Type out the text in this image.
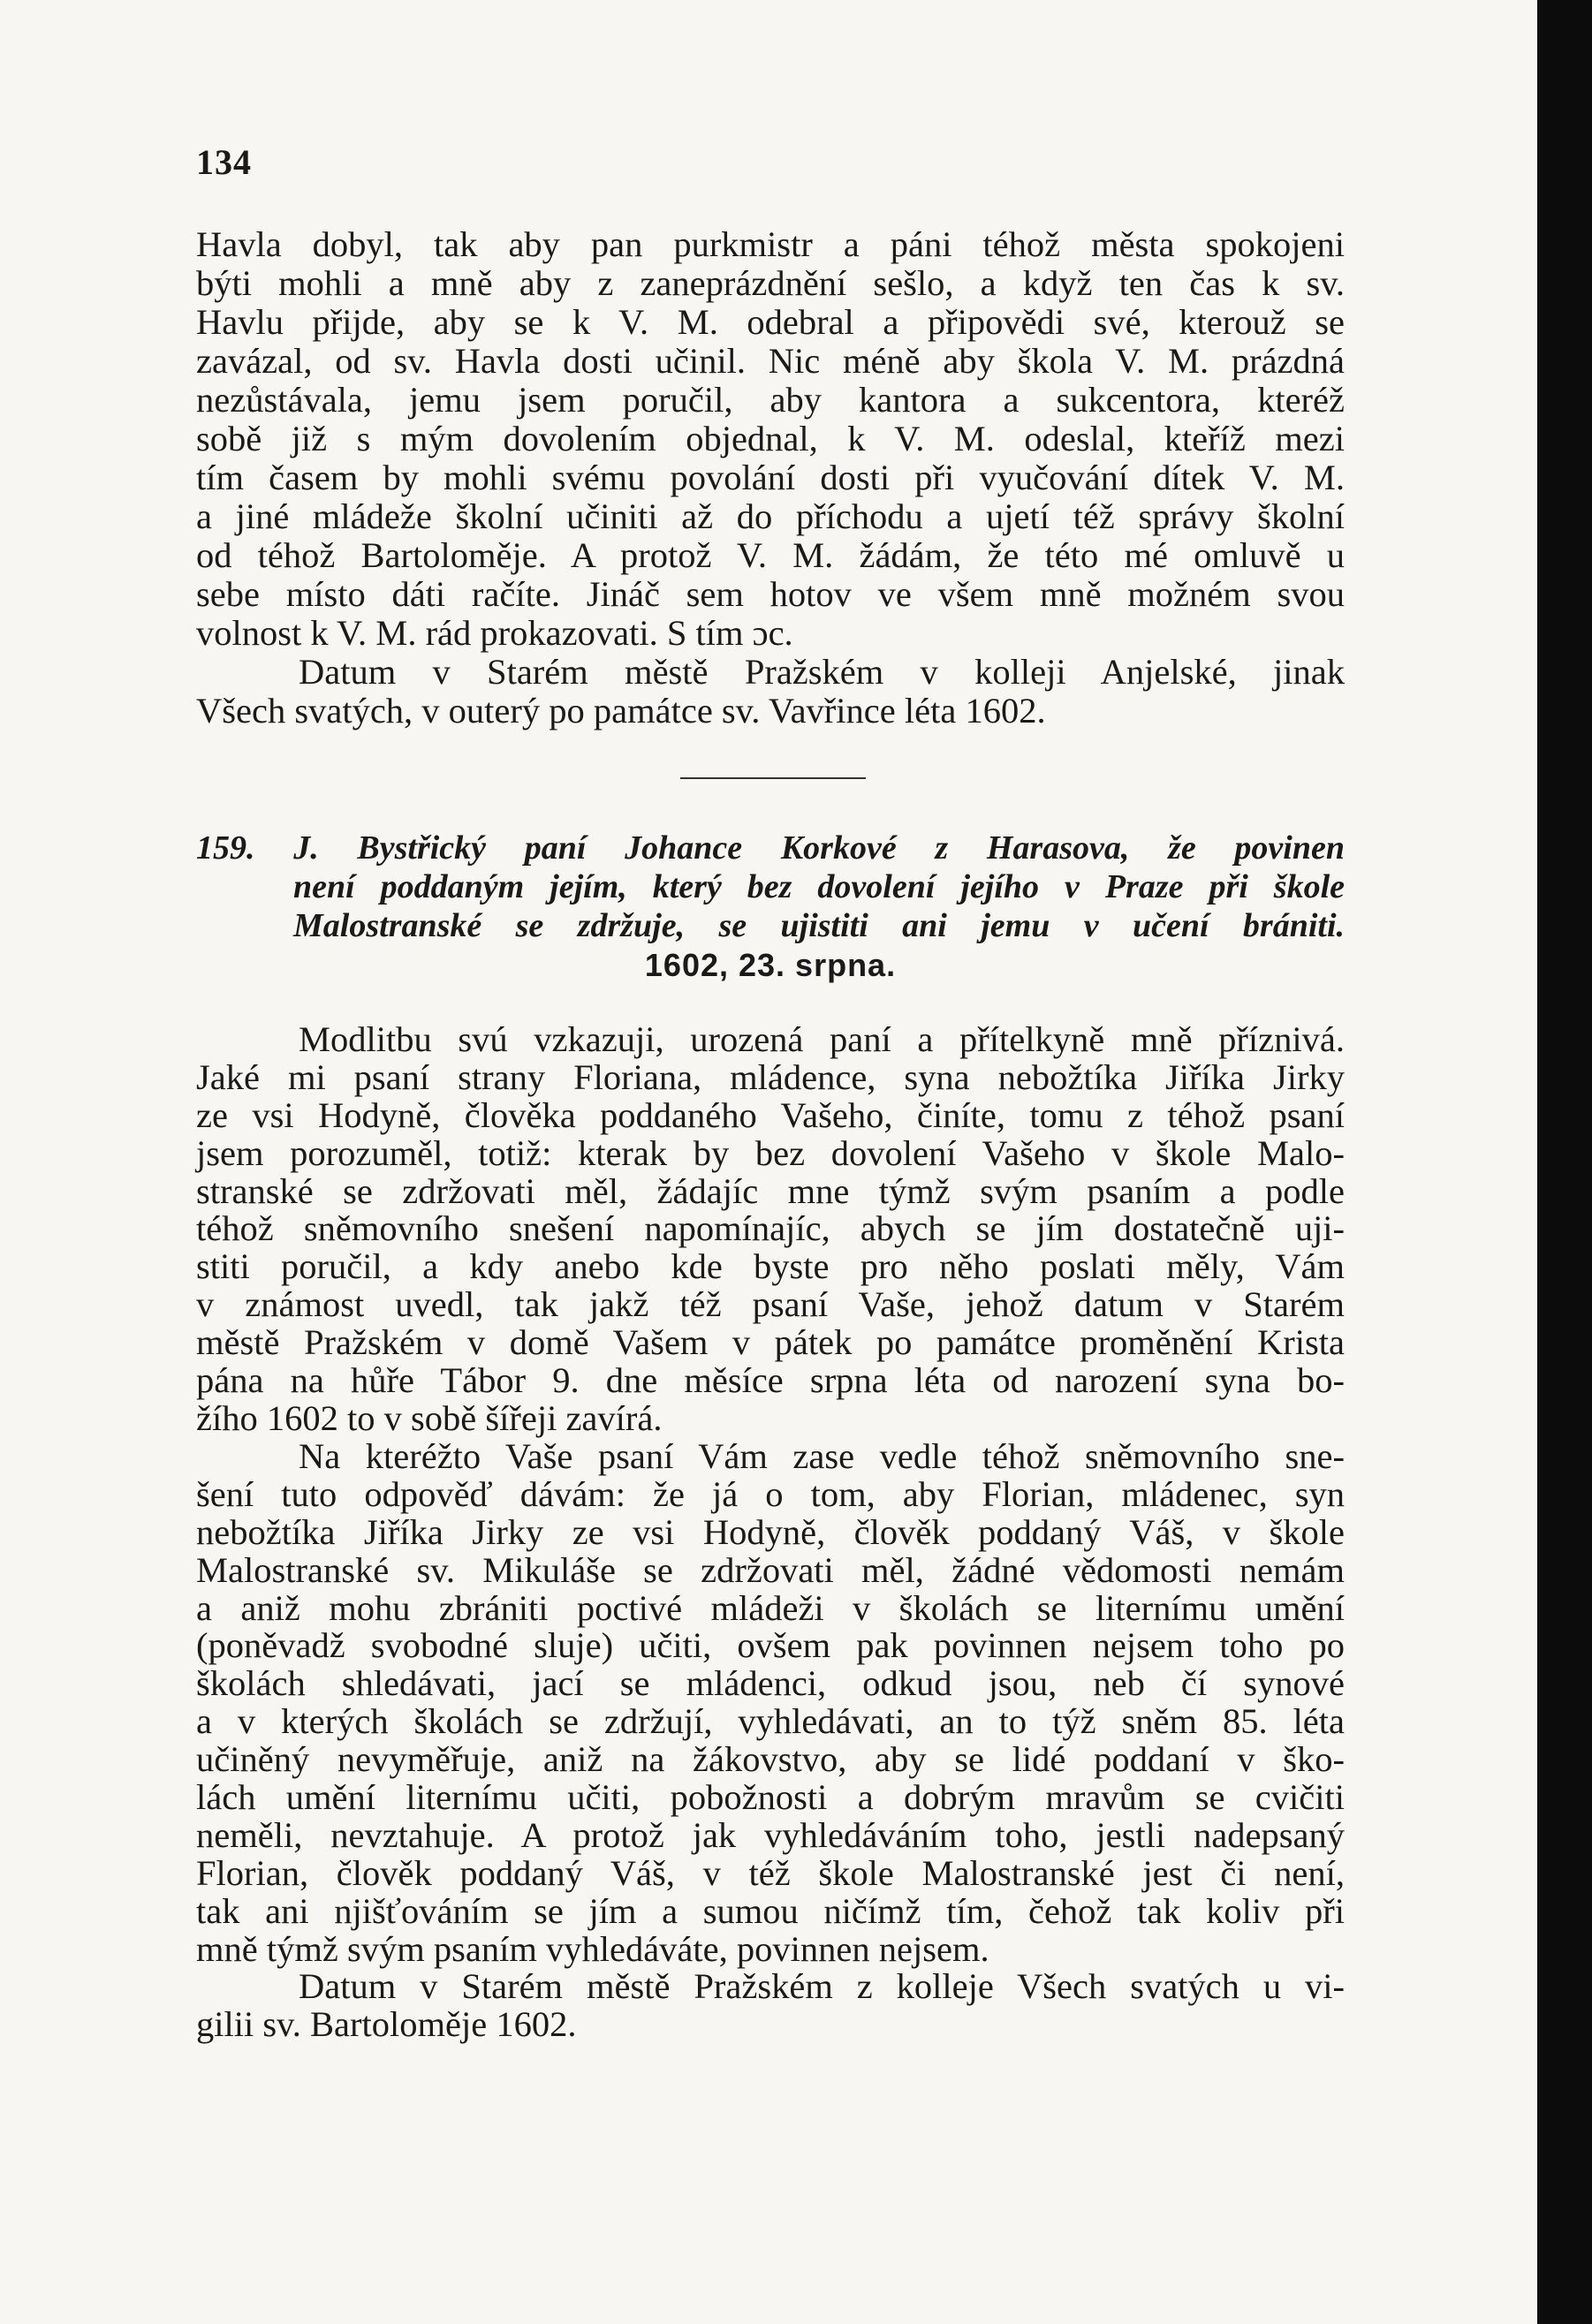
134
Havla dobyl, tak aby pan purkmistr a páni téhož města spokojeni
býti mohli a mně aby z zaneprázdnění sešlo, a když ten čas k sv.
Havlu přijde, aby se k V. M. odebral a připovědi své, kterouž se
zavázal, od sv. Havla dosti učinil. Nic méně aby škola V. M. prázdná
nezůstávala, jemu jsem poručil, aby kantora a sukcentora, kteréž
sobě již s mým dovolením objednal, k V. M. odeslal, kteříž mezi
tím časem by mohli svému povolání dosti při vyučování dítek V. M.
a jiné mládeže školní učiniti až do příchodu a ujetí též správy školní
od téhož Bartoloměje. A protož V. M. žádám, že této mé omluvě u
sebe místo dáti račíte. Jináč sem hotov ve všem mně možném svou
volnost k V. M. rád prokazovati. S tím ɔc.
Datum v Starém městě Pražském v kolleji Anjelské, jinak
Všech svatých, v outerý po památce sv. Vavřince léta 1602.
159. J. Bystřický paní Johance Korkové z Harasova, že povinen
není poddaným jejím, který bez dovolení jejího v Praze při škole
Malostranské se zdržuje, se ujistiti ani jemu v učení brániti.
1602, 23. srpna.
Modlitbu svú vzkazuji, urozená paní a přítelkyně mně příznivá.
Jaké mi psaní strany Floriana, mládence, syna nebožtíka Jiříka Jirky
ze vsi Hodyně, člověka poddaného Vašeho, činíte, tomu z téhož psaní
jsem porozuměl, totiž: kterak by bez dovolení Vašeho v škole Malo-
stranské se zdržovati měl, žádajíc mne týmž svým psaním a podle
téhož sněmovního snešení napomínajíc, abych se jím dostatečně uji-
stiti poručil, a kdy anebo kde byste pro něho poslati měly, Vám
v známost uvedl, tak jakž též psaní Vaše, jehož datum v Starém
městě Pražském v domě Vašem v pátek po památce proměnění Krista
pána na hůře Tábor 9. dne měsíce srpna léta od narození syna bo-
žího 1602 to v sobě šířeji zavírá.
Na kteréžto Vaše psaní Vám zase vedle téhož sněmovního sne-
šení tuto odpověď dávám: že já o tom, aby Florian, mládenec, syn
nebožtíka Jiříka Jirky ze vsi Hodyně, člověk poddaný Váš, v škole
Malostranské sv. Mikuláše se zdržovati měl, žádné vědomosti nemám
a aniž mohu zbrániti poctivé mládeži v školách se liternímu umění
(poněvadž svobodné sluje) učiti, ovšem pak povinnen nejsem toho po
školách shledávati, jací se mládenci, odkud jsou, neb čí synové
a v kterých školách se zdržují, vyhledávati, an to týž sněm 85. léta
učiněný nevyměřuje, aniž na žákovstvo, aby se lidé poddaní v ško-
lách umění liternímu učiti, pobožnosti a dobrým mravům se cvičiti
neměli, nevztahuje. A protož jak vyhledáváním toho, jestli nadepsaný
Florian, člověk poddaný Váš, v též škole Malostranské jest či není,
tak ani njišťováním se jím a sumou ničímž tím, čehož tak koliv při
mně týmž svým psaním vyhledáváte, povinnen nejsem.
Datum v Starém městě Pražském z kolleje Všech svatých u vi-
gilii sv. Bartoloměje 1602.
